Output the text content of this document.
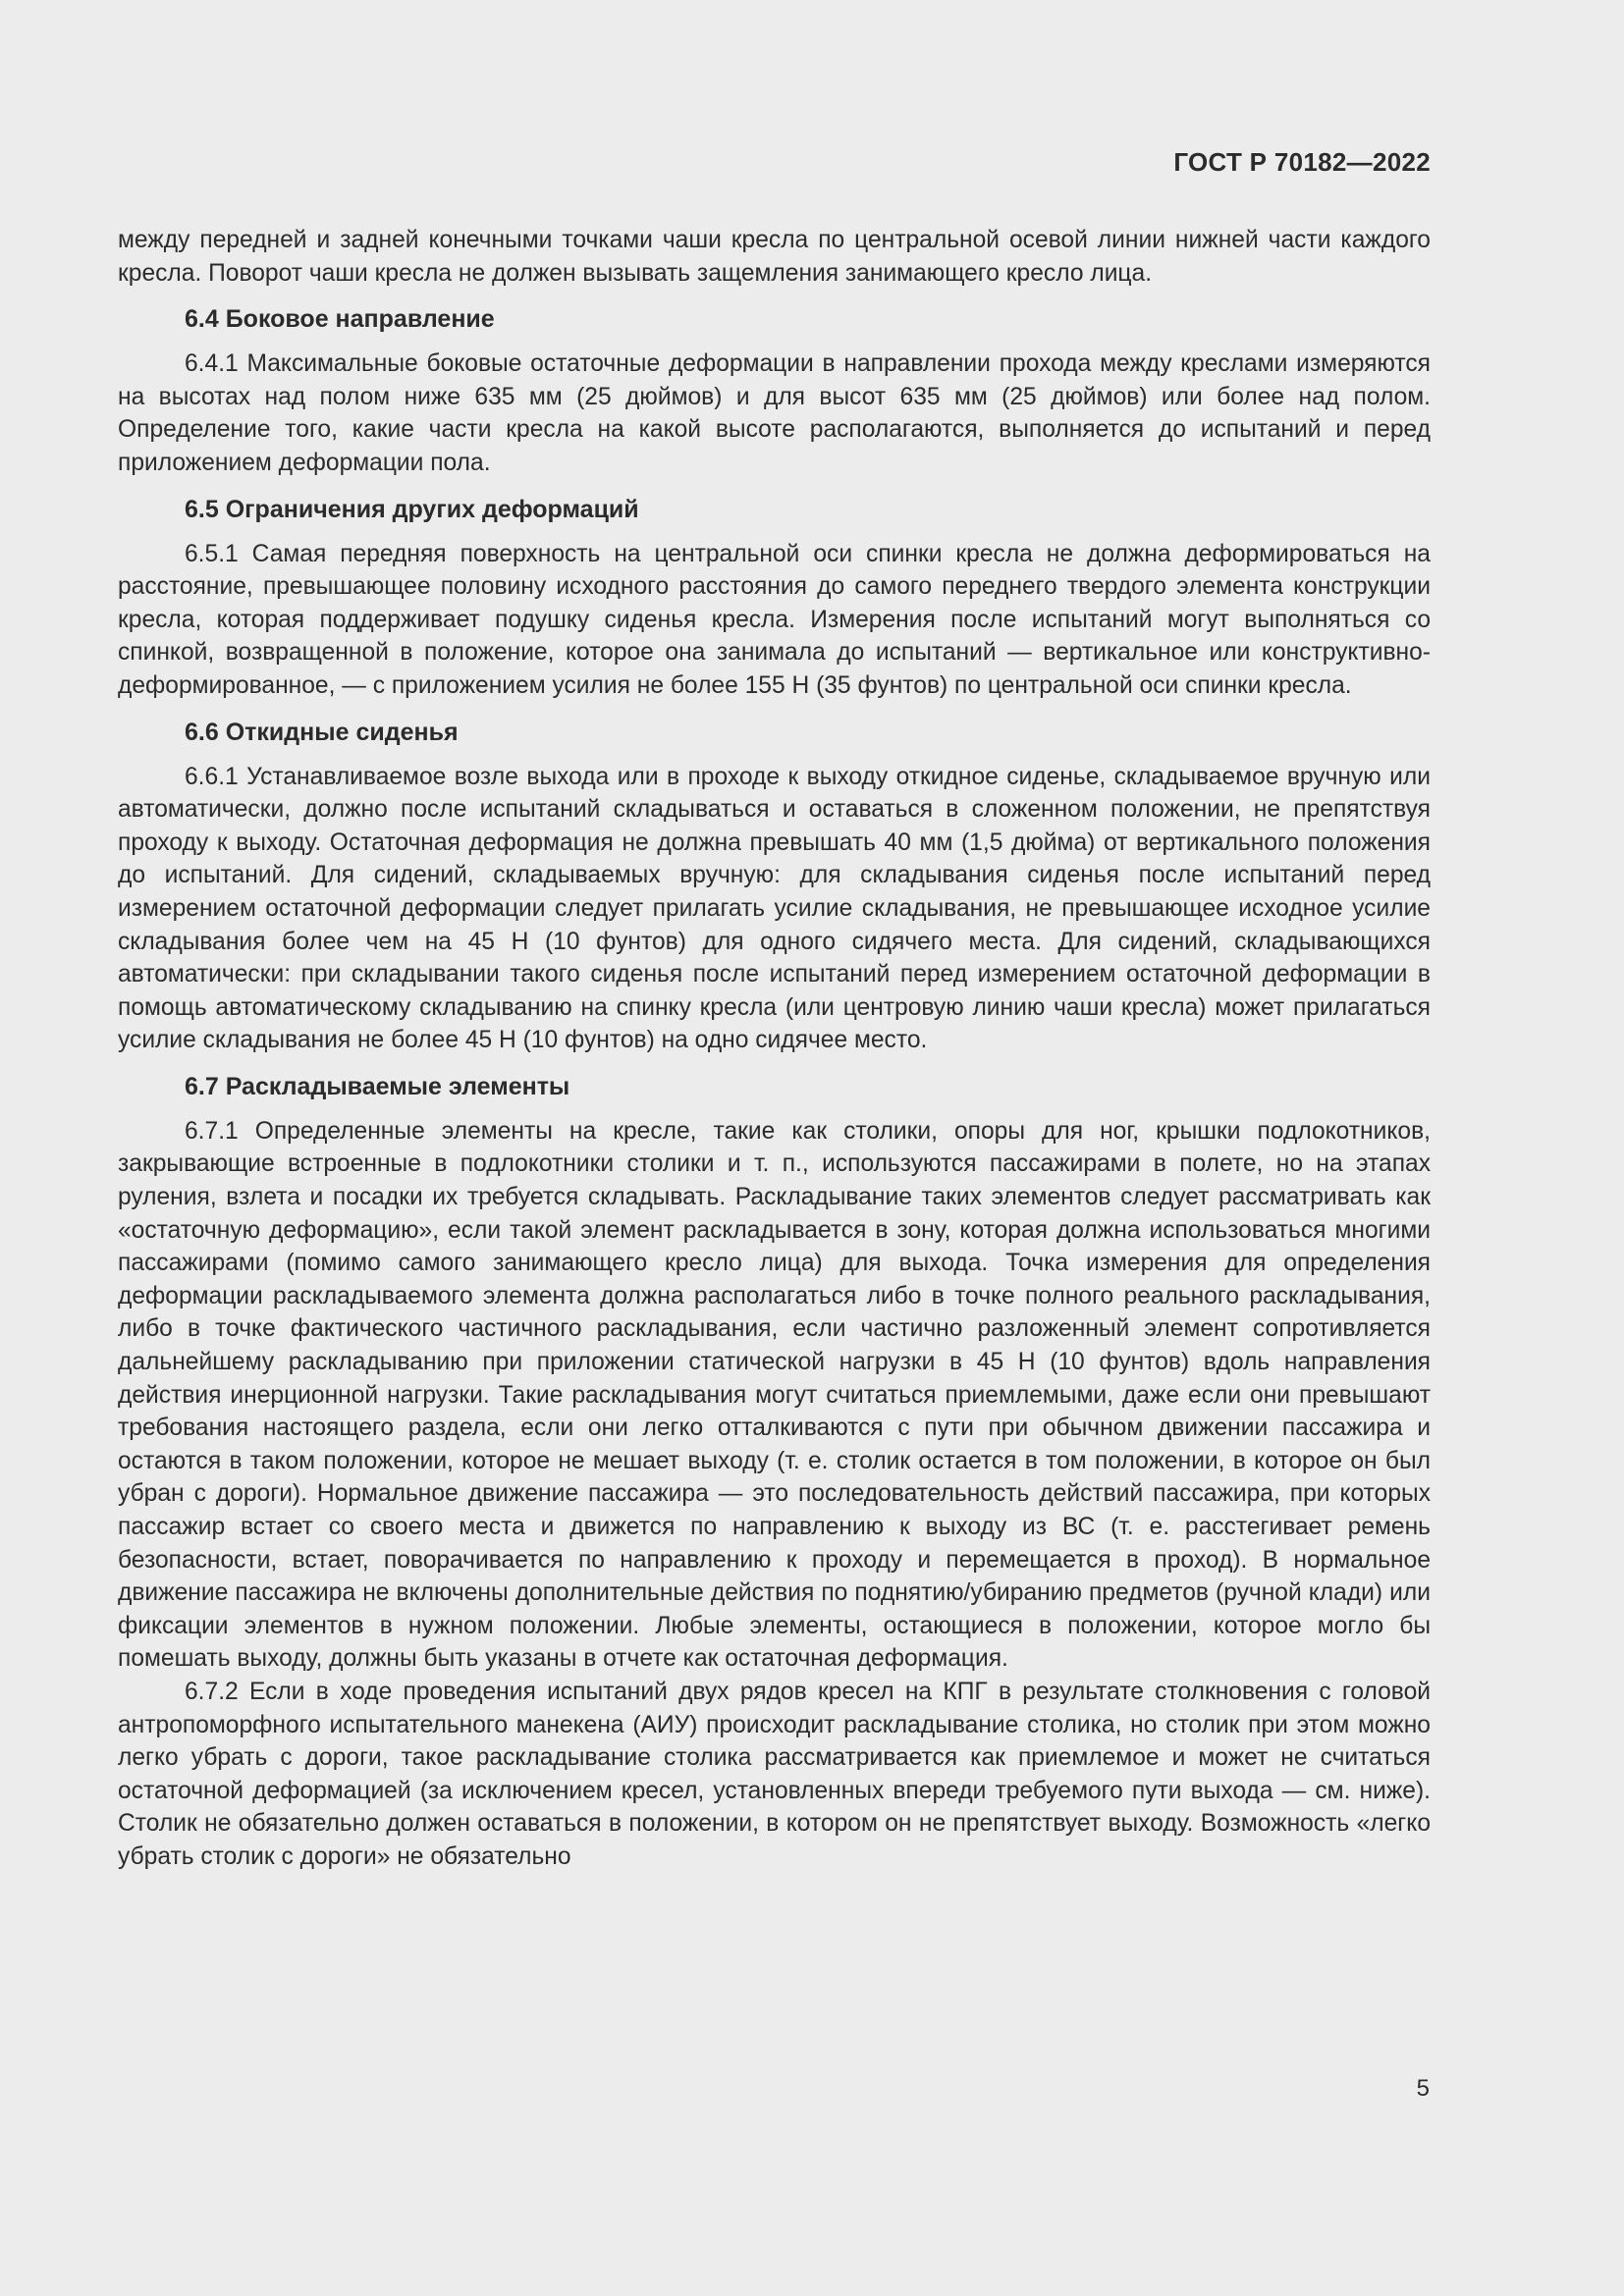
ГОСТ Р 70182—2022

между передней и задней конечными точками чаши кресла по центральной осевой линии нижней части каждого кресла. Поворот чаши кресла не должен вызывать защемления занимающего кресло лица.

6.4 Боковое направление

6.4.1 Максимальные боковые остаточные деформации в направлении прохода между креслами измеряются на высотах над полом ниже 635 мм (25 дюймов) и для высот 635 мм (25 дюймов) или более над полом. Определение того, какие части кресла на какой высоте располагаются, выполняется до испытаний и перед приложением деформации пола.

6.5 Ограничения других деформаций

6.5.1 Самая передняя поверхность на центральной оси спинки кресла не должна деформироваться на расстояние, превышающее половину исходного расстояния до самого переднего твердого элемента конструкции кресла, которая поддерживает подушку сиденья кресла. Измерения после испытаний могут выполняться со спинкой, возвращенной в положение, которое она занимала до испытаний — вертикальное или конструктивно-деформированное, — с приложением усилия не более 155 Н (35 фунтов) по центральной оси спинки кресла.

6.6 Откидные сиденья

6.6.1 Устанавливаемое возле выхода или в проходе к выходу откидное сиденье, складываемое вручную или автоматически, должно после испытаний складываться и оставаться в сложенном положении, не препятствуя проходу к выходу. Остаточная деформация не должна превышать 40 мм (1,5 дюйма) от вертикального положения до испытаний. Для сидений, складываемых вручную: для складывания сиденья после испытаний перед измерением остаточной деформации следует прилагать усилие складывания, не превышающее исходное усилие складывания более чем на 45 Н (10 фунтов) для одного сидячего места. Для сидений, складывающихся автоматически: при складывании такого сиденья после испытаний перед измерением остаточной деформации в помощь автоматическому складыванию на спинку кресла (или центровую линию чаши кресла) может прилагаться усилие складывания не более 45 Н (10 фунтов) на одно сидячее место.

6.7 Раскладываемые элементы

6.7.1 Определенные элементы на кресле, такие как столики, опоры для ног, крышки подлокотников, закрывающие встроенные в подлокотники столики и т. п., используются пассажирами в полете, но на этапах руления, взлета и посадки их требуется складывать. Раскладывание таких элементов следует рассматривать как «остаточную деформацию», если такой элемент раскладывается в зону, которая должна использоваться многими пассажирами (помимо самого занимающего кресло лица) для выхода. Точка измерения для определения деформации раскладываемого элемента должна располагаться либо в точке полного реального раскладывания, либо в точке фактического частичного раскладывания, если частично разложенный элемент сопротивляется дальнейшему раскладыванию при приложении статической нагрузки в 45 Н (10 фунтов) вдоль направления действия инерционной нагрузки. Такие раскладывания могут считаться приемлемыми, даже если они превышают требования настоящего раздела, если они легко отталкиваются с пути при обычном движении пассажира и остаются в таком положении, которое не мешает выходу (т. е. столик остается в том положении, в которое он был убран с дороги). Нормальное движение пассажира — это последовательность действий пассажира, при которых пассажир встает со своего места и движется по направлению к выходу из ВС (т. е. расстегивает ремень безопасности, встает, поворачивается по направлению к проходу и перемещается в проход). В нормальное движение пассажира не включены дополнительные действия по поднятию/убиранию предметов (ручной клади) или фиксации элементов в нужном положении. Любые элементы, остающиеся в положении, которое могло бы помешать выходу, должны быть указаны в отчете как остаточная деформация.

6.7.2 Если в ходе проведения испытаний двух рядов кресел на КПГ в результате столкновения с головой антропоморфного испытательного манекена (АИУ) происходит раскладывание столика, но столик при этом можно легко убрать с дороги, такое раскладывание столика рассматривается как приемлемое и может не считаться остаточной деформацией (за исключением кресел, установленных впереди требуемого пути выхода — см. ниже). Столик не обязательно должен оставаться в положении, в котором он не препятствует выходу. Возможность «легко убрать столик с дороги» не обязательно

5
